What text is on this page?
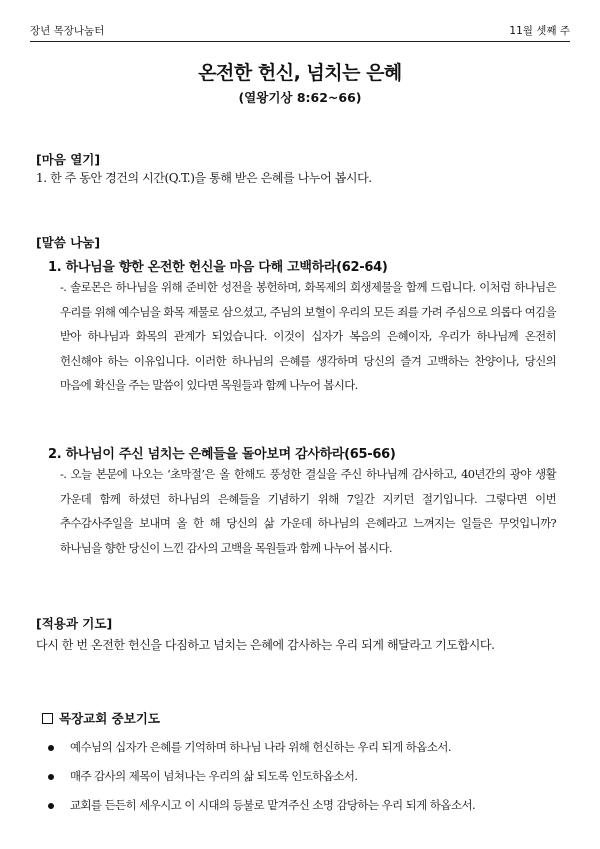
장년 목장나눔터	11월 셋째 주
온전한 헌신, 넘치는 은혜
(열왕기상 8:62~66)
[마음 열기]
1. 한 주 동안 경건의 시간(Q.T.)을 통해 받은 은혜를 나누어 봅시다.
[말씀 나눔]
1. 하나님을 향한 온전한 헌신을 마음 다해 고백하라(62-64)
-. 솔로몬은 하나님을 위해 준비한 성전을 봉헌하며, 화목제의 희생제물을 함께 드립니다. 이처럼 하나님은 우리를 위해 예수님을 화목 제물로 삼으셨고, 주님의 보혈이 우리의 모든 죄를 가려 주심으로 의롭다 여김을 받아 하나님과 화목의 관계가 되었습니다. 이것이 십자가 복음의 은혜이자, 우리가 하나님께 온전히 헌신해야 하는 이유입니다. 이러한 하나님의 은혜를 생각하며 당신의 즐겨 고백하는 찬양이나, 당신의 마음에 확신을 주는 말씀이 있다면 목원들과 함께 나누어 봅시다.
2. 하나님이 주신 넘치는 은혜들을 돌아보며 감사하라(65-66)
-. 오늘 본문에 나오는 ‘초막절’은 올 한해도 풍성한 결실을 주신 하나님께 감사하고, 40년간의 광야 생활 가운데 함께 하셨던 하나님의 은혜들을 기념하기 위해 7일간 지키던 절기입니다. 그렇다면 이번 추수감사주일을 보내며 올 한 해 당신의 삶 가운데 하나님의 은혜라고 느껴지는 일들은 무엇입니까? 하나님을 향한 당신이 느낀 감사의 고백을 목원들과 함께 나누어 봅시다.
[적용과 기도]
다시 한 번 온전한 헌신을 다짐하고 넘치는 은혜에 감사하는 우리 되게 해달라고 기도합시다.
목장교회 중보기도
예수님의 십자가 은혜를 기억하며 하나님 나라 위해 헌신하는 우리 되게 하옵소서.
매주 감사의 제목이 넘쳐나는 우리의 삶 되도록 인도하옵소서.
교회를 든든히 세우시고 이 시대의 등불로 맡겨주신 소명 감당하는 우리 되게 하옵소서.
